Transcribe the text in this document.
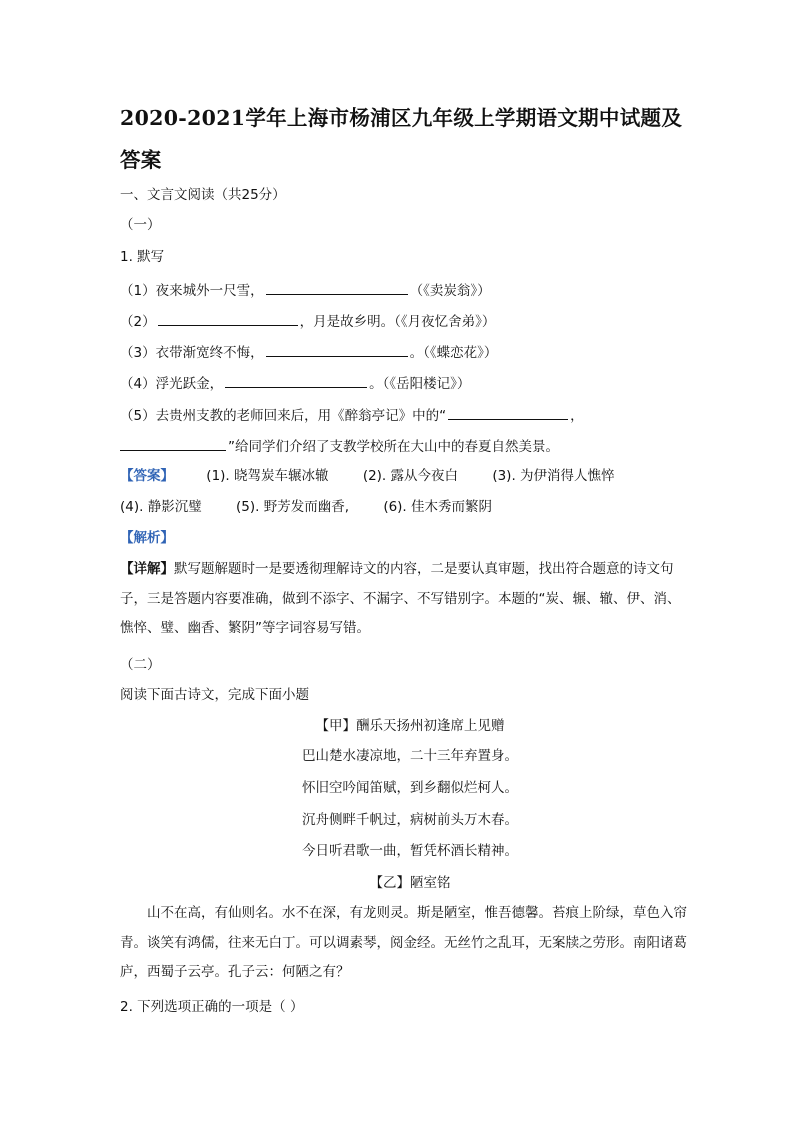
2020-2021学年上海市杨浦区九年级上学期语文期中试题及
答案
一、文言文阅读（共25分）
（一）
1. 默写
（1）夜来城外一尺雪，	（《卖炭翁》）
（2）	，月是故乡明。（《月夜忆舍弟》）
（3）衣带渐宽终不悔，	。（《蝶恋花》）
（4）浮光跃金，	。（《岳阳楼记》）
（5）去贵州支教的老师回来后，用《醉翁亭记》中的“	，
”给同学们介绍了支教学校所在大山中的春夏自然美景。
【答案】 (1). 晓驾炭车辗冰辙	(2). 露从今夜白	(3). 为伊消得人憔悴
(4). 静影沉璧	(5). 野芳发而幽香,	(6). 佳木秀而繁阴
【解析】
【详解】默写题解题时一是要透彻理解诗文的内容，二是要认真审题，找出符合题意的诗文句子，三是答题内容要准确，做到不添字、不漏字、不写错别字。本题的“炭、辗、辙、伊、消、憔悴、璧、幽香、繁阴”等字词容易写错。
（二）
阅读下面古诗文，完成下面小题
【甲】酬乐天扬州初逢席上见赠
巴山楚水凄凉地，二十三年弃置身。
怀旧空吟闻笛赋，到乡翻似烂柯人。
沉舟侧畔千帆过，病树前头万木春。
今日听君歌一曲，暂凭杯酒长精神。
【乙】陋室铭
山不在高，有仙则名。水不在深，有龙则灵。斯是陋室，惟吾德馨。苔痕上阶绿，草色入帘青。谈笑有鸿儒，往来无白丁。可以调素琴，阅金经。无丝竹之乱耳，无案牍之劳形。南阳诸葛庐，西蜀子云亭。孔子云：何陋之有？
2. 下列选项正确的一项是（ ）
